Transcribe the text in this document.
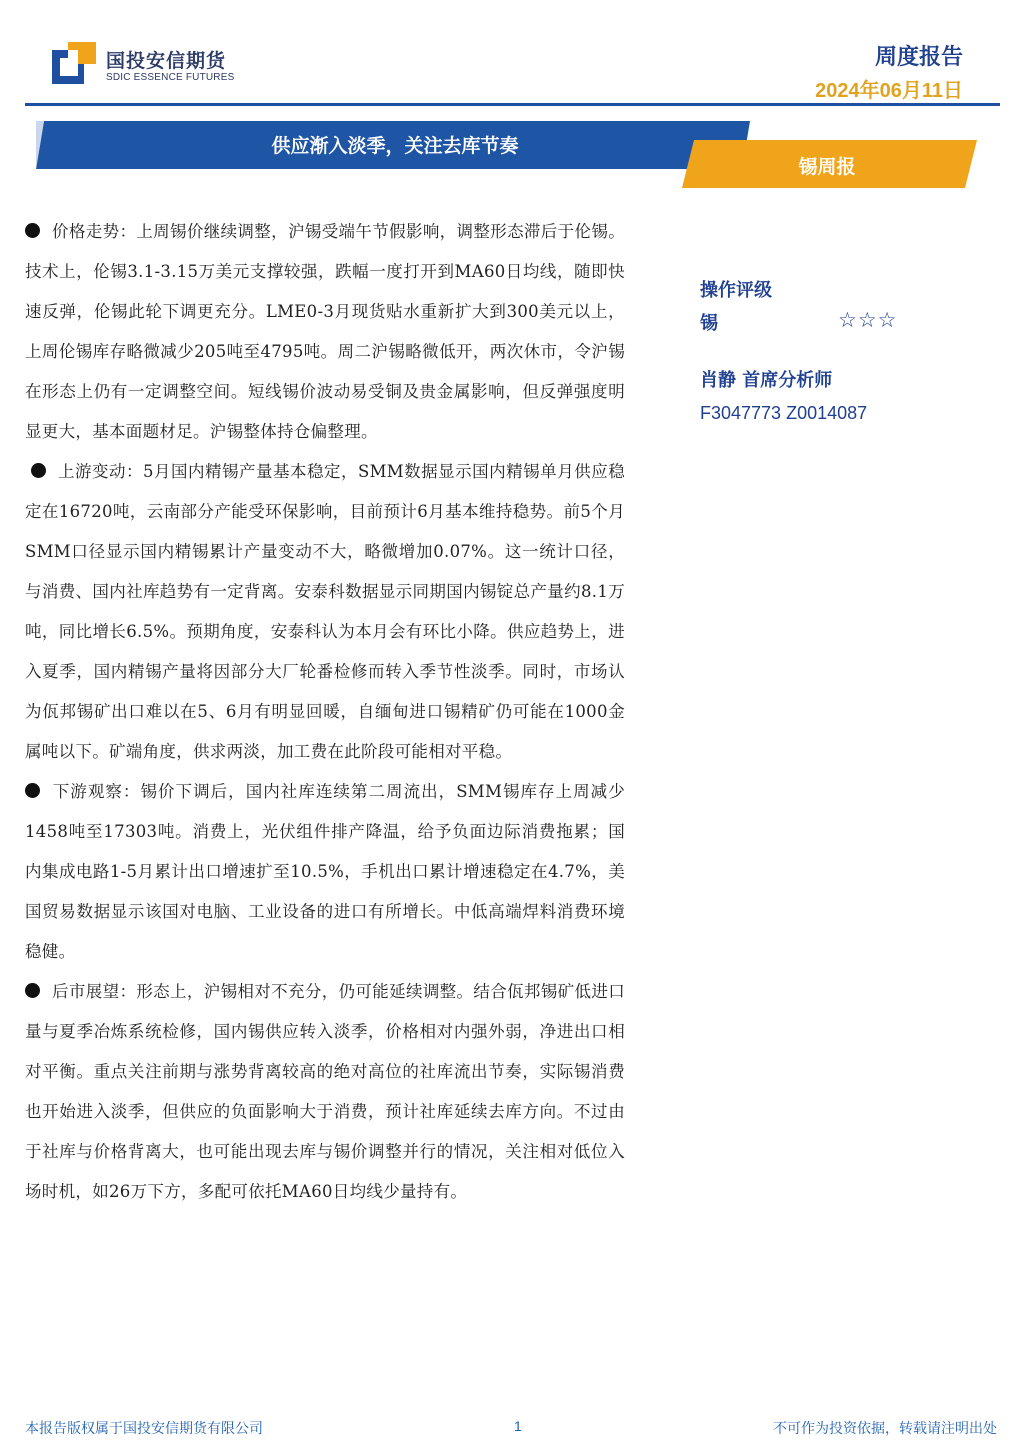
国投安信期货
SDIC ESSENCE FUTURES
周度报告
2024年06月11日
供应渐入淡季，关注去库节奏
锡周报

价格走势：上周锡价继续调整，沪锡受端午节假影响，调整形态滞后于伦锡。技术上，伦锡3.1-3.15万美元支撑较强，跌幅一度打开到MA60日均线，随即快速反弹，伦锡此轮下调更充分。LME0-3月现货贴水重新扩大到300美元以上，上周伦锡库存略微减少205吨至4795吨。周二沪锡略微低开，两次休市，令沪锡在形态上仍有一定调整空间。短线锡价波动易受铜及贵金属影响，但反弹强度明显更大，基本面题材足。沪锡整体持仓偏整理。

上游变动：5月国内精锡产量基本稳定，SMM数据显示国内精锡单月供应稳定在16720吨，云南部分产能受环保影响，目前预计6月基本维持稳势。前5个月SMM口径显示国内精锡累计产量变动不大，略微增加0.07%。这一统计口径，与消费、国内社库趋势有一定背离。安泰科数据显示同期国内锡锭总产量约8.1万吨，同比增长6.5%。预期角度，安泰科认为本月会有环比小降。供应趋势上，进入夏季，国内精锡产量将因部分大厂轮番检修而转入季节性淡季。同时，市场认为佤邦锡矿出口难以在5、6月有明显回暖，自缅甸进口锡精矿仍可能在1000金属吨以下。矿端角度，供求两淡，加工费在此阶段可能相对平稳。

下游观察：锡价下调后，国内社库连续第二周流出，SMM锡库存上周减少1458吨至17303吨。消费上，光伏组件排产降温，给予负面边际消费拖累；国内集成电路1-5月累计出口增速扩至10.5%，手机出口累计增速稳定在4.7%，美国贸易数据显示该国对电脑、工业设备的进口有所增长。中低高端焊料消费环境稳健。

后市展望：形态上，沪锡相对不充分，仍可能延续调整。结合佤邦锡矿低进口量与夏季冶炼系统检修，国内锡供应转入淡季，价格相对内强外弱，净进出口相对平衡。重点关注前期与涨势背离较高的绝对高位的社库流出节奏，实际锡消费也开始进入淡季，但供应的负面影响大于消费，预计社库延续去库方向。不过由于社库与价格背离大，也可能出现去库与锡价调整并行的情况，关注相对低位入场时机，如26万下方，多配可依托MA60日均线少量持有。

操作评级
锡	☆☆☆
肖静 首席分析师
F3047773 Z0014087
本报告版权属于国投安信期货有限公司	1	不可作为投资依据，转载请注明出处
